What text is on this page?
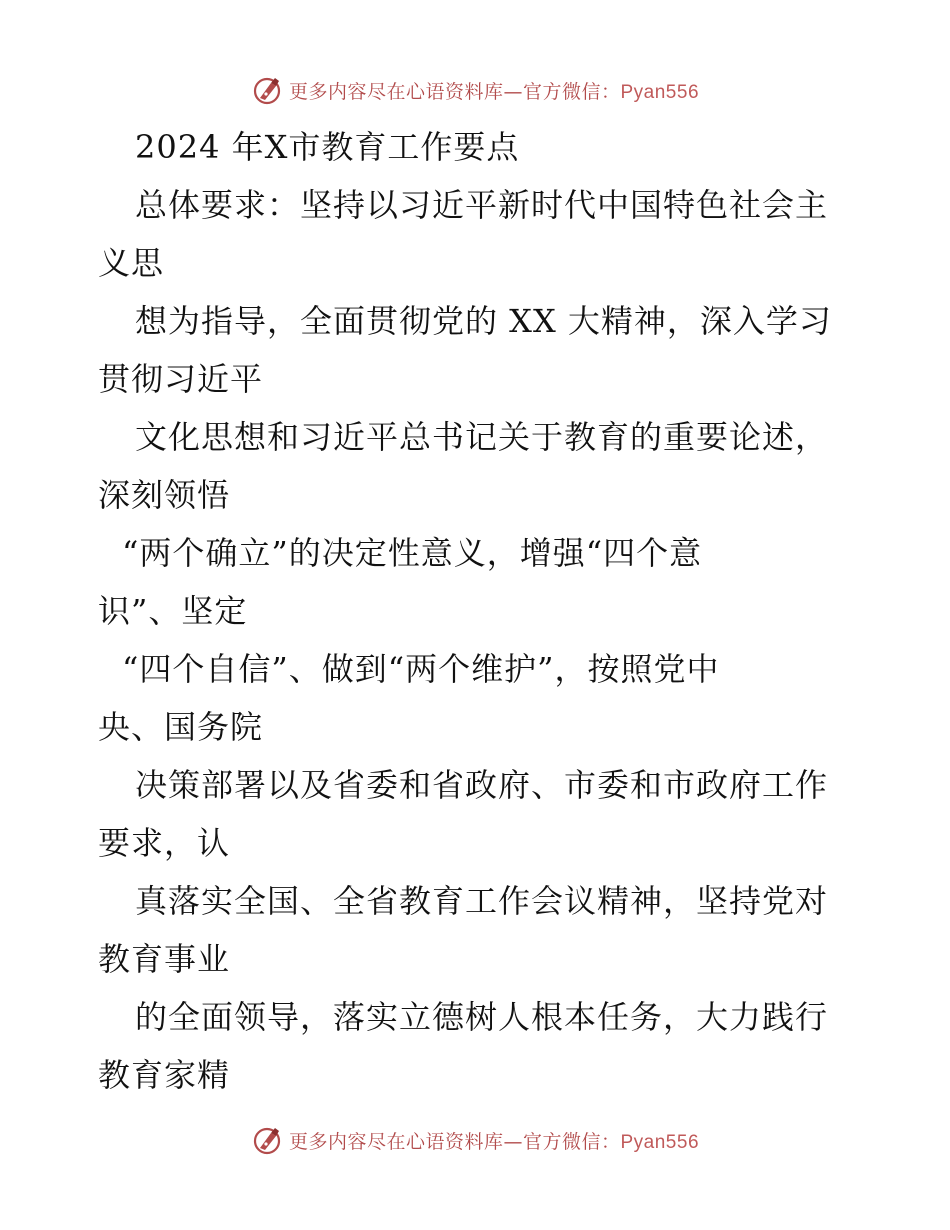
更多内容尽在心语资料库—官方微信：Pyan556
2024 年X市教育工作要点
总体要求：坚持以习近平新时代中国特色社会主
义思
想为指导，全面贯彻党的 XX 大精神，深入学习
贯彻习近平
文化思想和习近平总书记关于教育的重要论述，
深刻领悟
“两个确立”的决定性意义，增强“四个意
识”、坚定
“四个自信”、做到“两个维护”，按照党中
央、国务院
决策部署以及省委和省政府、市委和市政府工作
要求，认
真落实全国、全省教育工作会议精神，坚持党对
教育事业
的全面领导，落实立德树人根本任务，大力践行
教育家精
更多内容尽在心语资料库—官方微信：Pyan556
